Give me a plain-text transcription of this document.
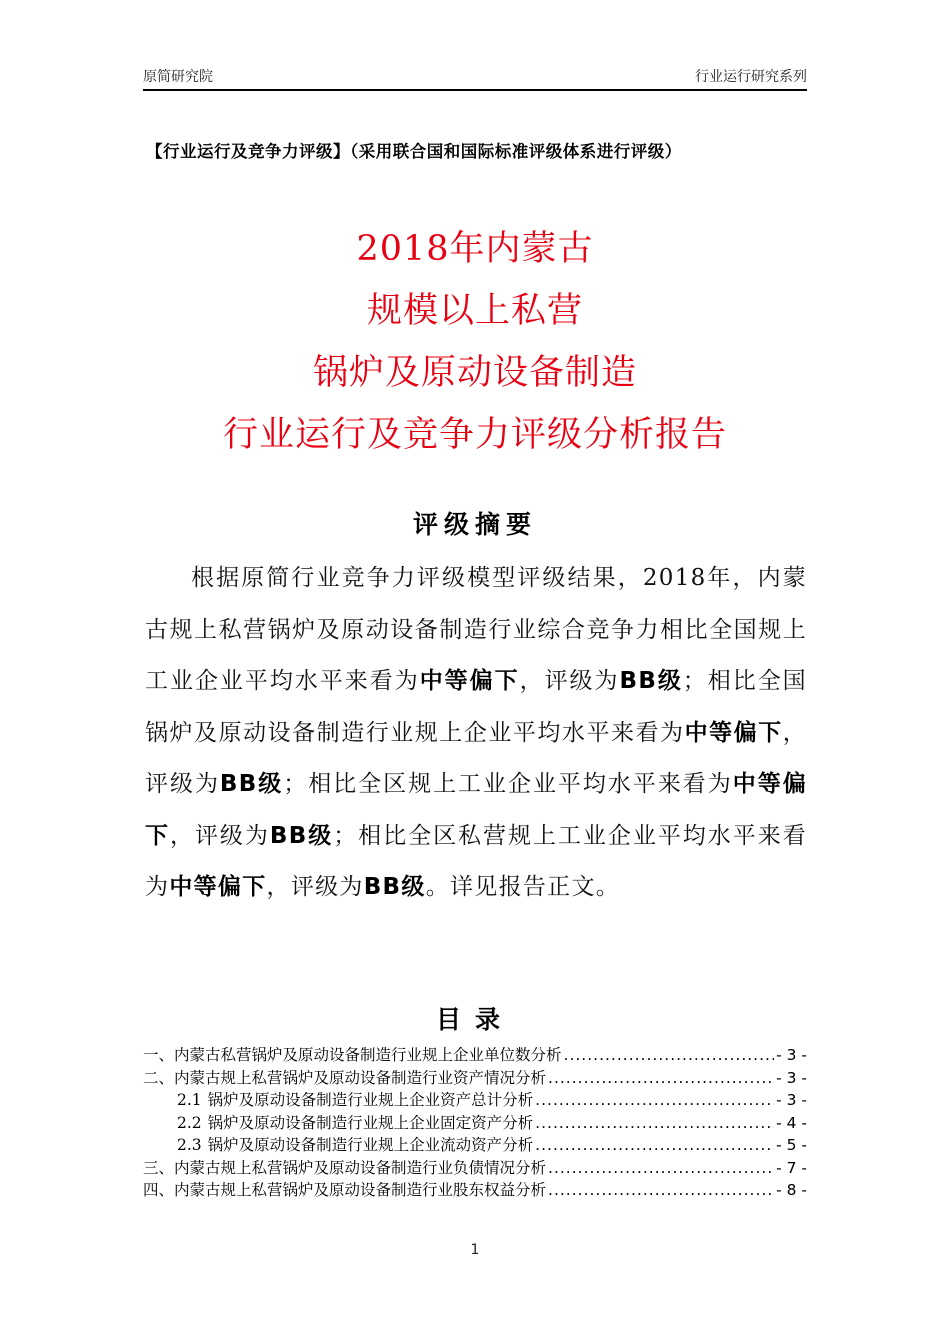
原简研究院	行业运行研究系列
【行业运行及竞争力评级】（采用联合国和国际标准评级体系进行评级）
2018年内蒙古
规模以上私营
锅炉及原动设备制造
行业运行及竞争力评级分析报告
评级摘要
根据原简行业竞争力评级模型评级结果，2018年，内蒙古规上私营锅炉及原动设备制造行业综合竞争力相比全国规上工业企业平均水平来看为中等偏下，评级为BB级；相比全国锅炉及原动设备制造行业规上企业平均水平来看为中等偏下，评级为BB级；相比全区规上工业企业平均水平来看为中等偏下，评级为BB级；相比全区私营规上工业企业平均水平来看为中等偏下，评级为BB级。详见报告正文。
目录
一、内蒙古私营锅炉及原动设备制造行业规上企业单位数分析 .....	- 3 -
二、内蒙古规上私营锅炉及原动设备制造行业资产情况分析 .....	- 3 -
2.1 锅炉及原动设备制造行业规上企业资产总计分析 .....	- 3 -
2.2 锅炉及原动设备制造行业规上企业固定资产分析 .....	- 4 -
2.3 锅炉及原动设备制造行业规上企业流动资产分析 .....	- 5 -
三、内蒙古规上私营锅炉及原动设备制造行业负债情况分析 .....	- 7 -
四、内蒙古规上私营锅炉及原动设备制造行业股东权益分析 .....	- 8 -
1
